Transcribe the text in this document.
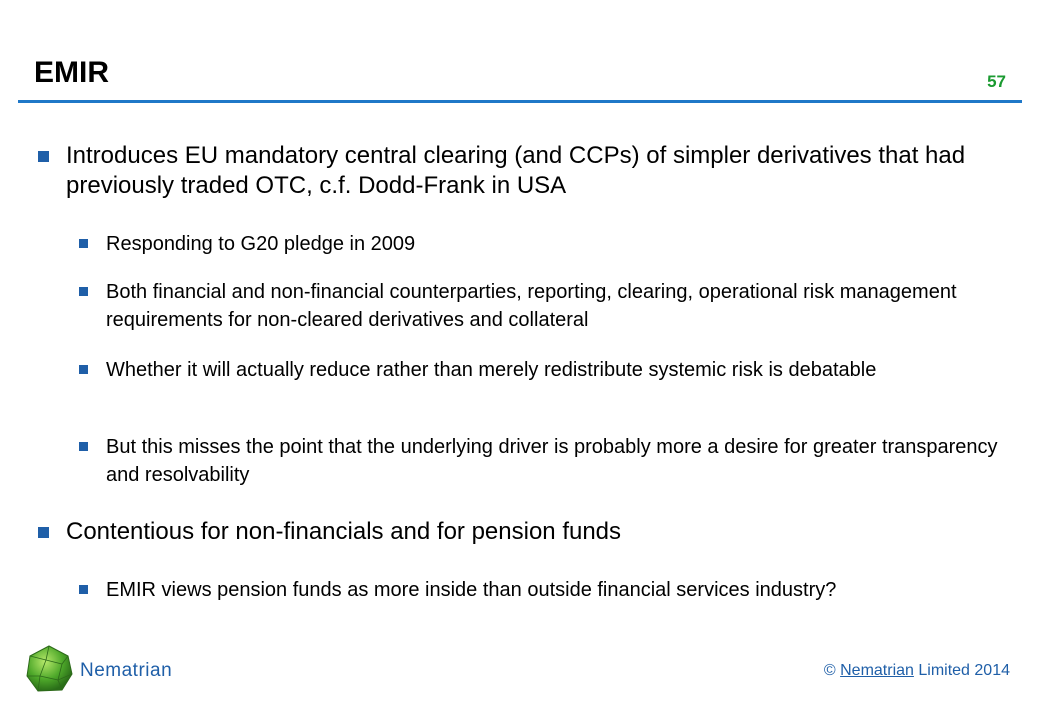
EMIR	57
Introduces EU mandatory central clearing (and CCPs) of simpler derivatives that had previously traded OTC, c.f. Dodd-Frank in USA
Responding to G20 pledge in 2009
Both financial and non-financial counterparties, reporting, clearing, operational risk management requirements for non-cleared derivatives and collateral
Whether it will actually reduce rather than merely redistribute systemic risk is debatable
But this misses the point that the underlying driver is probably more a desire for greater transparency and resolvability
Contentious for non-financials and for pension funds
EMIR views pension funds as more inside than outside financial services industry?
Nematrian	© Nematrian Limited 2014
